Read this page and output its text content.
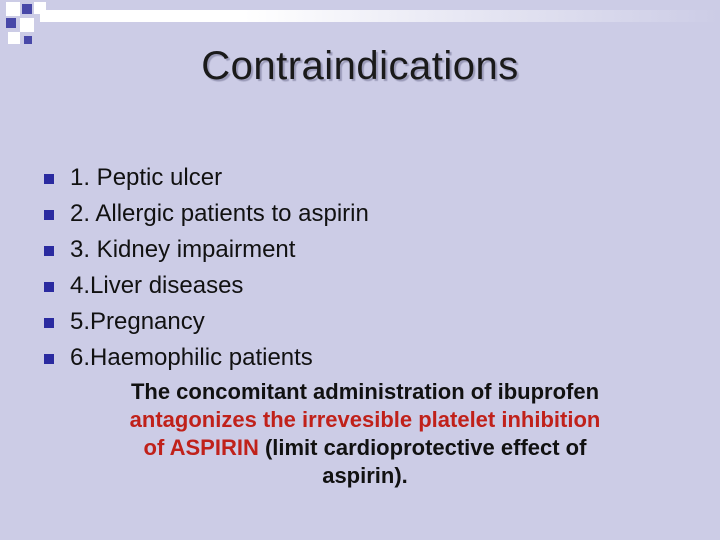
Contraindications
1. Peptic ulcer
2. Allergic patients to aspirin
3. Kidney impairment
4.Liver diseases
5.Pregnancy
6.Haemophilic patients
The concomitant administration of ibuprofen
antagonizes the irrevesible platelet inhibition
of ASPIRIN (limit cardioprotective effect of
aspirin).
